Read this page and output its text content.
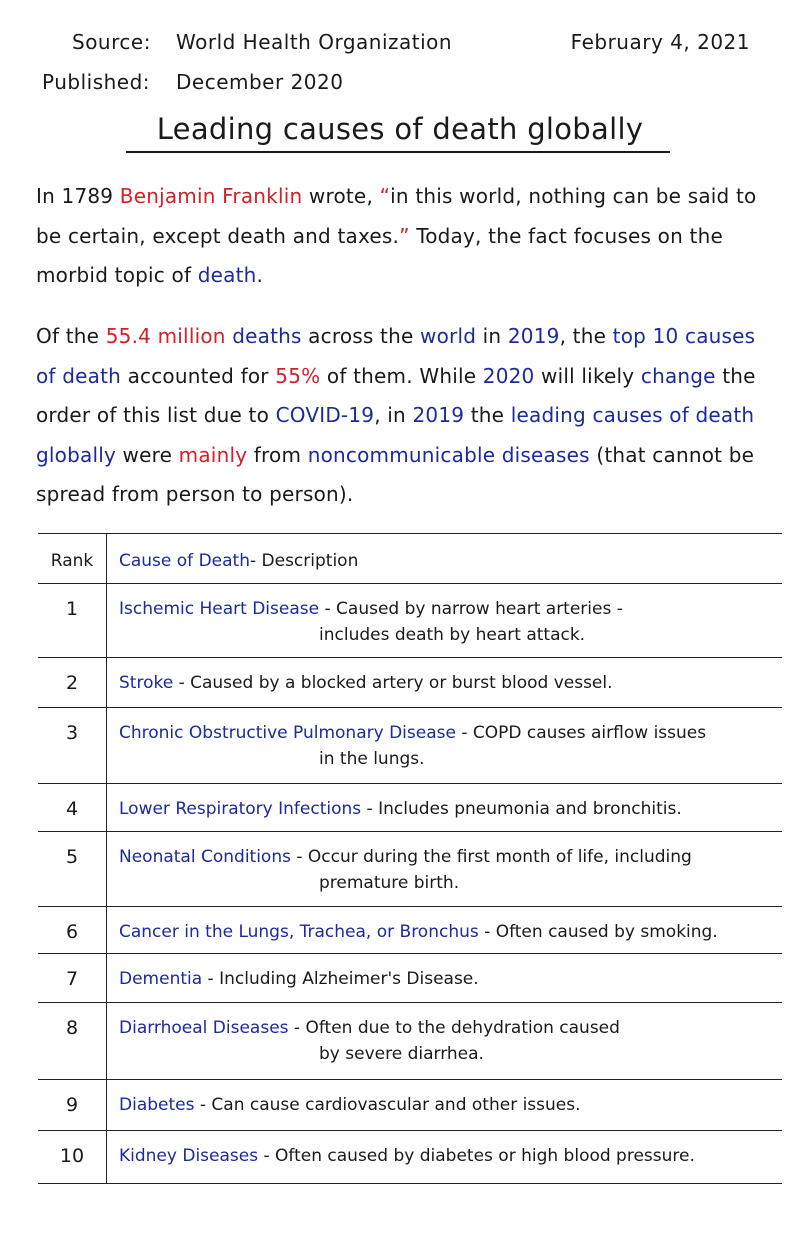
Source: World Health Organization
Published: December 2020
February 4, 2021
Leading causes of death globally
In 1789 Benjamin Franklin wrote, “in this world, nothing can be said to be certain, except death and taxes.” Today, the fact focuses on the morbid topic of death.
Of the 55.4 million deaths across the world in 2019, the top 10 causes of death accounted for 55% of them. While 2020 will likely change the order of this list due to COVID-19, in 2019 the leading causes of death globally were mainly from noncommunicable diseases (that cannot be spread from person to person).
Rank	Cause of Death- Description
1	Ischemic Heart Disease - Caused by narrow heart arteries -
includes death by heart attack.
2	Stroke - Caused by a blocked artery or burst blood vessel.
3	Chronic Obstructive Pulmonary Disease - COPD causes airflow issues
in the lungs.
4	Lower Respiratory Infections - Includes pneumonia and bronchitis.
5	Neonatal Conditions - Occur during the first month of life, including
premature birth.
6	Cancer in the Lungs, Trachea, or Bronchus - Often caused by smoking.
7	Dementia - Including Alzheimer's Disease.
8	Diarrhoeal Diseases - Often due to the dehydration caused
by severe diarrhea.
9	Diabetes - Can cause cardiovascular and other issues.
10	Kidney Diseases - Often caused by diabetes or high blood pressure.
